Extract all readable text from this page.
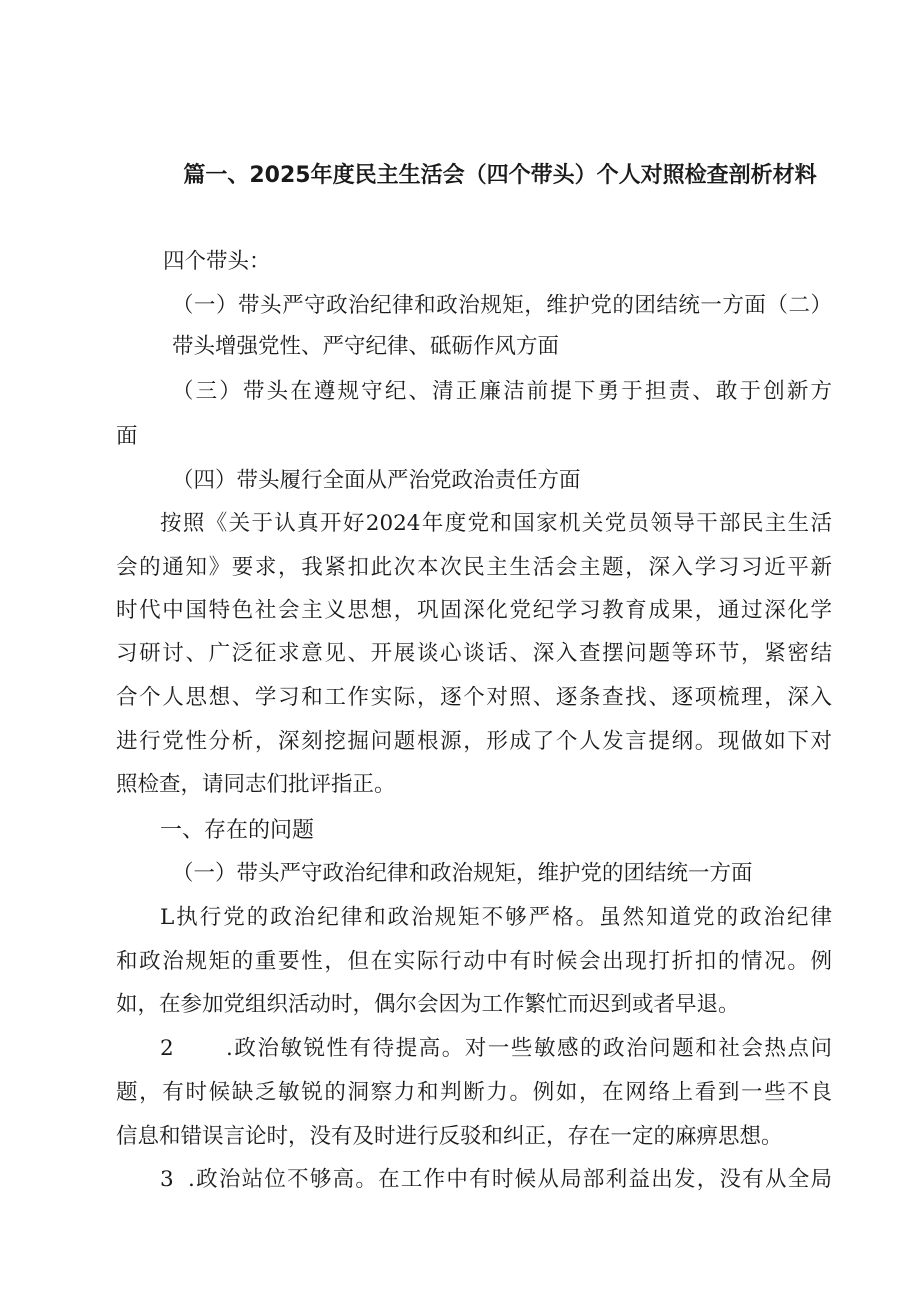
篇一、2025年度民主生活会（四个带头）个人对照检查剖析材料
四个带头：
（一）带头严守政治纪律和政治规矩，维护党的团结统一方面（二）
带头增强党性、严守纪律、砥砺作风方面
（三）带头在遵规守纪、清正廉洁前提下勇于担责、敢于创新方
面
（四）带头履行全面从严治党政治责任方面
按照《关于认真开好2024年度党和国家机关党员领导干部民主生活
会的通知》要求，我紧扣此次本次民主生活会主题，深入学习习近平新
时代中国特色社会主义思想，巩固深化党纪学习教育成果，通过深化学
习研讨、广泛征求意见、开展谈心谈话、深入查摆问题等环节，紧密结
合个人思想、学习和工作实际，逐个对照、逐条查找、逐项梳理，深入
进行党性分析，深刻挖掘问题根源，形成了个人发言提纲。现做如下对
照检查，请同志们批评指正。
一、存在的问题
（一）带头严守政治纪律和政治规矩，维护党的团结统一方面
L执行党的政治纪律和政治规矩不够严格。虽然知道党的政治纪律
和政治规矩的重要性，但在实际行动中有时候会出现打折扣的情况。例
如，在参加党组织活动时，偶尔会因为工作繁忙而迟到或者早退。
2 .政治敏锐性有待提高。对一些敏感的政治问题和社会热点问
题，有时候缺乏敏锐的洞察力和判断力。例如，在网络上看到一些不良
信息和错误言论时，没有及时进行反驳和纠正，存在一定的麻痹思想。
3 .政治站位不够高。在工作中有时候从局部利益出发，没有从全局
